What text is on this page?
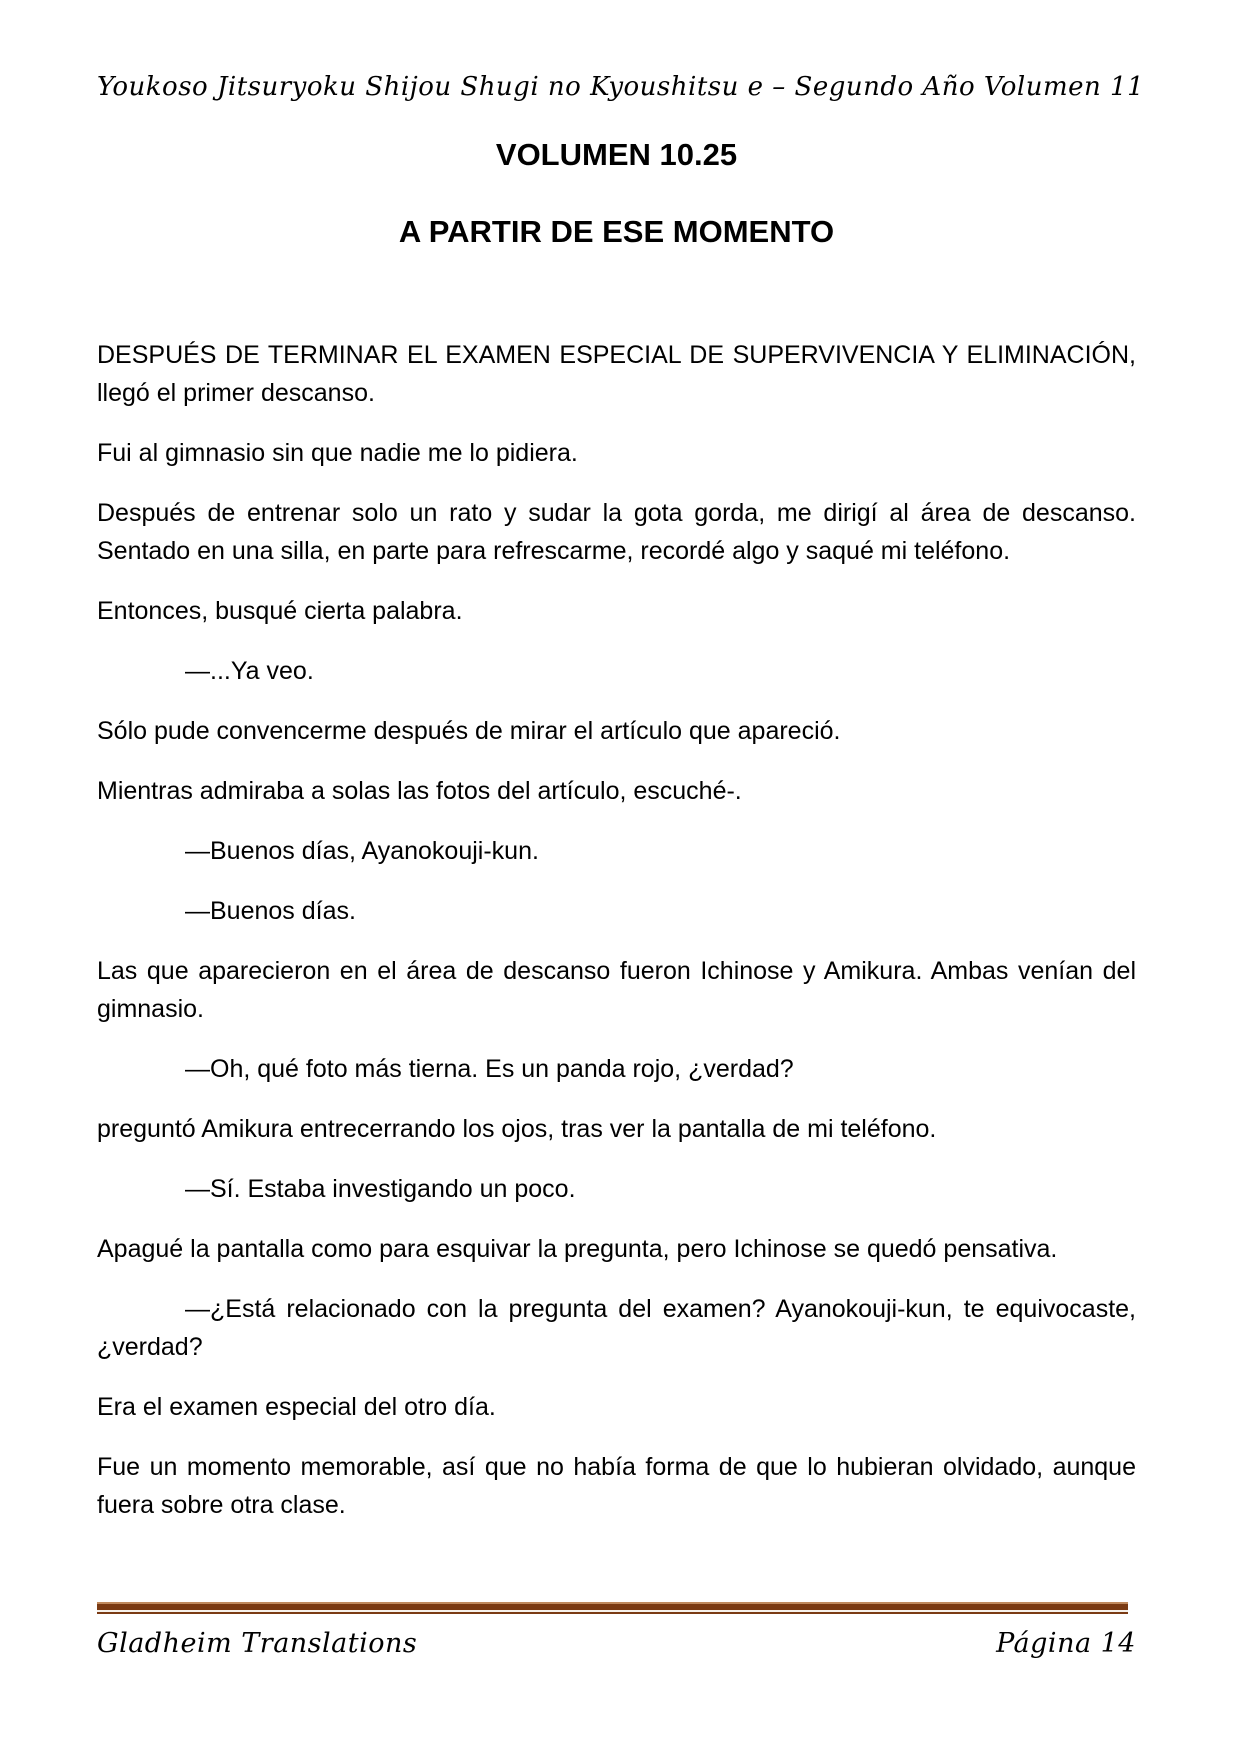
Youkoso Jitsuryoku Shijou Shugi no Kyoushitsu e – Segundo Año Volumen 11

VOLUMEN 10.25

A PARTIR DE ESE MOMENTO

DESPUÉS DE TERMINAR EL EXAMEN ESPECIAL DE SUPERVIVENCIA Y ELIMINACIÓN, llegó el primer descanso.

Fui al gimnasio sin que nadie me lo pidiera.

Después de entrenar solo un rato y sudar la gota gorda, me dirigí al área de descanso. Sentado en una silla, en parte para refrescarme, recordé algo y saqué mi teléfono.

Entonces, busqué cierta palabra.

—...Ya veo.

Sólo pude convencerme después de mirar el artículo que apareció.

Mientras admiraba a solas las fotos del artículo, escuché-.

—Buenos días, Ayanokouji-kun.

—Buenos días.

Las que aparecieron en el área de descanso fueron Ichinose y Amikura. Ambas venían del gimnasio.

—Oh, qué foto más tierna. Es un panda rojo, ¿verdad?

preguntó Amikura entrecerrando los ojos, tras ver la pantalla de mi teléfono.

—Sí. Estaba investigando un poco.

Apagué la pantalla como para esquivar la pregunta, pero Ichinose se quedó pensativa.

—¿Está relacionado con la pregunta del examen? Ayanokouji-kun, te equivocaste, ¿verdad?

Era el examen especial del otro día.

Fue un momento memorable, así que no había forma de que lo hubieran olvidado, aunque fuera sobre otra clase.

Gladheim Translations	Página 14
